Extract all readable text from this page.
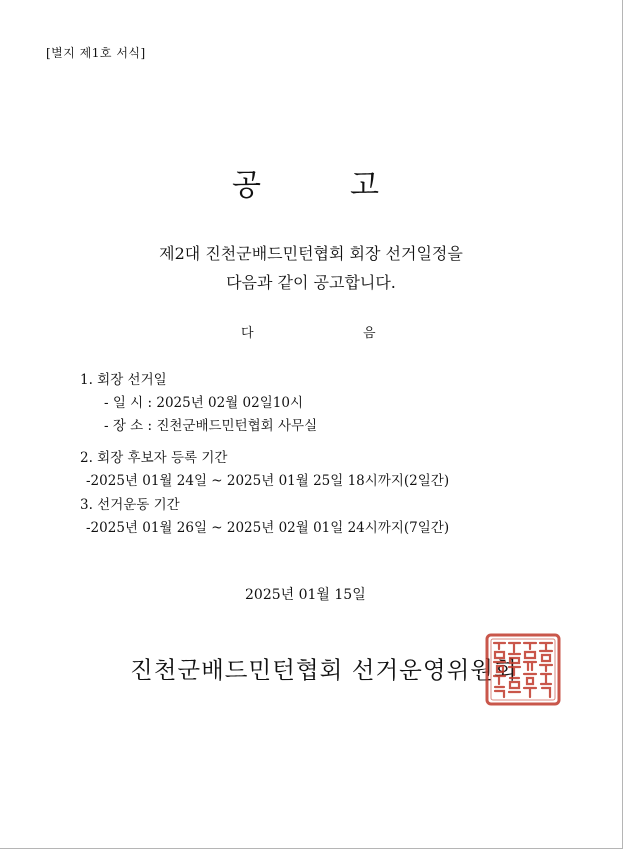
[별지 제1호 서식]
공	고
제2대 진천군배드민턴협회 회장 선거일정을
다음과 같이 공고합니다.
다	음
1. 회장 선거일
- 일 시 : 2025년 02월 02일10시
- 장 소 : 진천군배드민턴협회 사무실
2. 회장 후보자 등록 기간
-2025년 01월 24일 ~ 2025년 01월 25일 18시까지(2일간)
3. 선거운동 기간
-2025년 01월 26일 ~ 2025년 02월 01일 24시까지(7일간)
2025년 01월 15일
진천군배드민턴협회 선거운영위원회
